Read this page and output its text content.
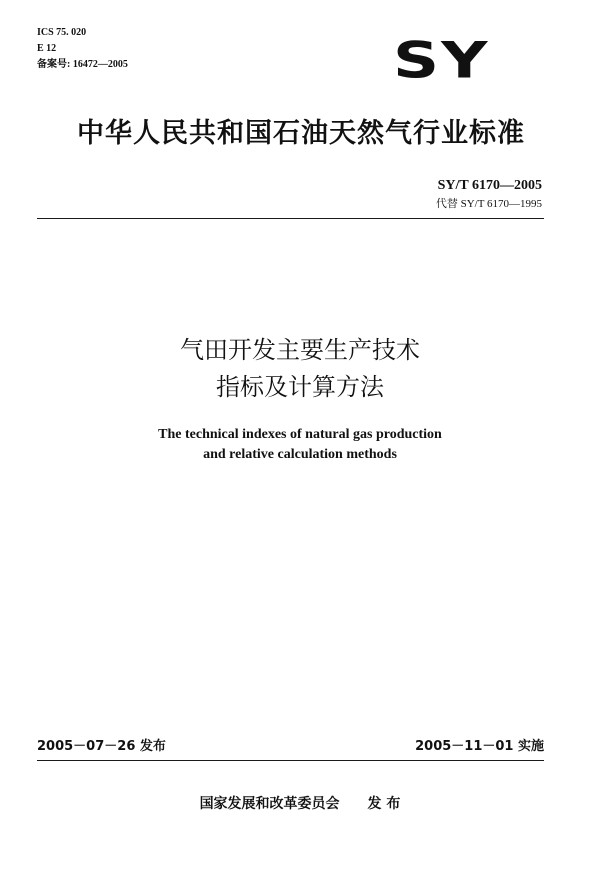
ICS 75. 020
E 12
备案号: 16472—2005	SY
中华人民共和国石油天然气行业标准
SY/T 6170—2005
代替 SY/T 6170—1995
气田开发主要生产技术
指标及计算方法
The technical indexes of natural gas production
and relative calculation methods
2005－07－26 发布	2005－11－01 实施
国家发展和改革委员会　　发 布
